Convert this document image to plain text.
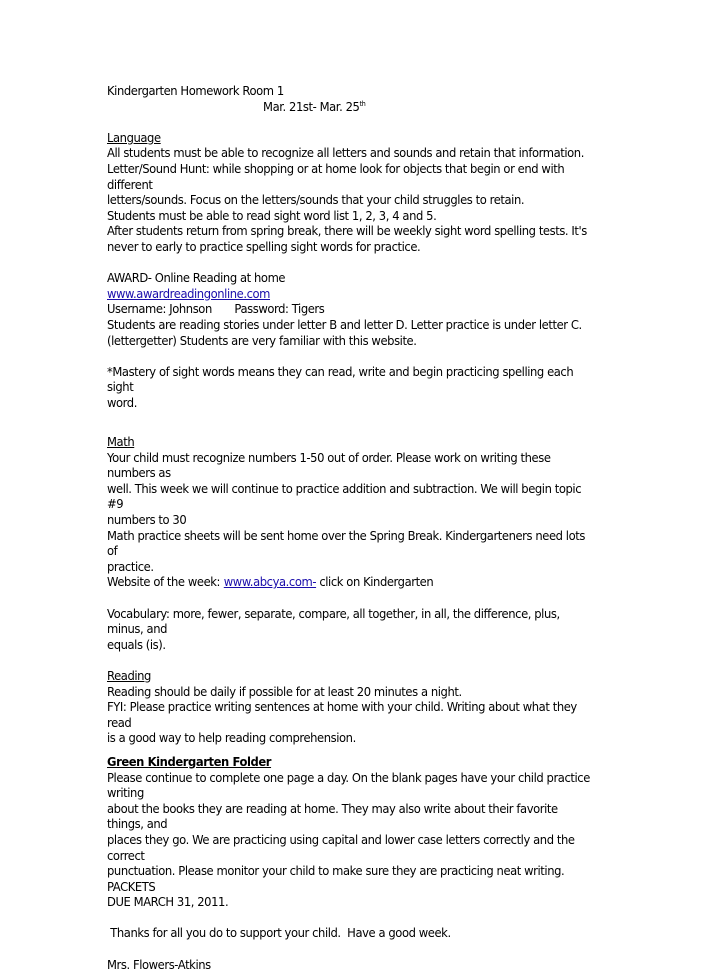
Kindergarten Homework Room 1

Mar. 21st- Mar. 25th

Language

All students must be able to recognize all letters and sounds and retain that information.

Letter/Sound Hunt: while shopping or at home look for objects that begin or end with different

letters/sounds. Focus on the letters/sounds that your child struggles to retain.

Students must be able to read sight word list 1, 2, 3, 4 and 5.

After students return from spring break, there will be weekly sight word spelling tests. It's

never to early to practice spelling sight words for practice.

AWARD- Online Reading at home

www.awardreadingonline.com

Username: Johnson Password: Tigers

Students are reading stories under letter B and letter D. Letter practice is under letter C.

(lettergetter) Students are very familiar with this website.

*Mastery of sight words means they can read, write and begin practicing spelling each sight

word.

Math

Your child must recognize numbers 1-50 out of order. Please work on writing these numbers as

well. This week we will continue to practice addition and subtraction. We will begin topic #9

numbers to 30

Math practice sheets will be sent home over the Spring Break. Kindergarteners need lots of

practice.

Website of the week: www.abcya.com- click on Kindergarten

Vocabulary: more, fewer, separate, compare, all together, in all, the difference, plus, minus, and

equals (is).

Reading

Reading should be daily if possible for at least 20 minutes a night.

FYI: Please practice writing sentences at home with your child. Writing about what they read

is a good way to help reading comprehension.

Green Kindergarten Folder

Please continue to complete one page a day. On the blank pages have your child practice writing

about the books they are reading at home. They may also write about their favorite things, and

places they go. We are practicing using capital and lower case letters correctly and the correct

punctuation. Please monitor your child to make sure they are practicing neat writing. PACKETS

DUE MARCH 31, 2011.

Thanks for all you do to support your child.  Have a good week.

Mrs. Flowers-Atkins
